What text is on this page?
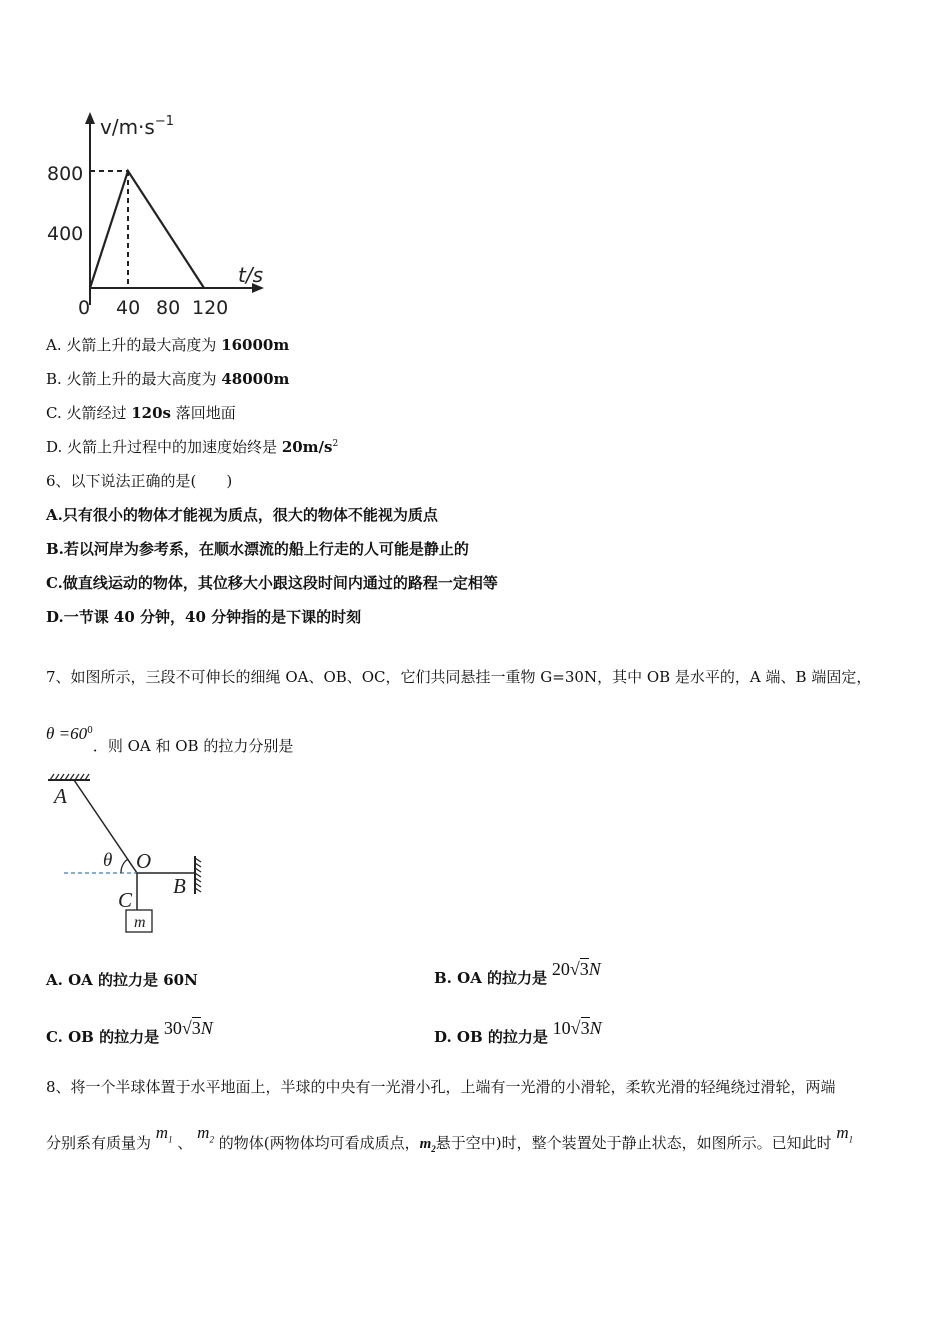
$v/m\cdot s^{-1}$
t/s
800
400
0 40 80 120
A. 火箭上升的最大高度为 16000m
B. 火箭上升的最大高度为 48000m
C. 火箭经过 120s 落回地面
D. 火箭上升过程中的加速度始终是 $20m/s^2$
6、以下说法正确的是(　　)
A.只有很小的物体才能视为质点，很大的物体不能视为质点
B.若以河岸为参考系，在顺水漂流的船上行走的人可能是静止的
C.做直线运动的物体，其位移大小跟这段时间内通过的路程一定相等
D.一节课 40 分钟，40 分钟指的是下课的时刻
7、如图所示，三段不可伸长的细绳 OA、OB、OC，它们共同悬挂一重物 G=30N，其中 OB 是水平的，A 端、B 端固定，
$\theta =60^0$．则 OA 和 OB 的拉力分别是
A
θ O
B
C
m
A. OA 的拉力是 60N	B. OA 的拉力是 20√3N
C. OB 的拉力是 30√3N	D. OB 的拉力是 10√3N
8、将一个半球体置于水平地面上，半球的中央有一光滑小孔，上端有一光滑的小滑轮，柔软光滑的轻绳绕过滑轮，两端
分别系有质量为 $m_1$ 、 $m_2$ 的物体(两物体均可看成质点，$m_2$悬于空中)时，整个装置处于静止状态，如图所示。已知此时 $m_1$
